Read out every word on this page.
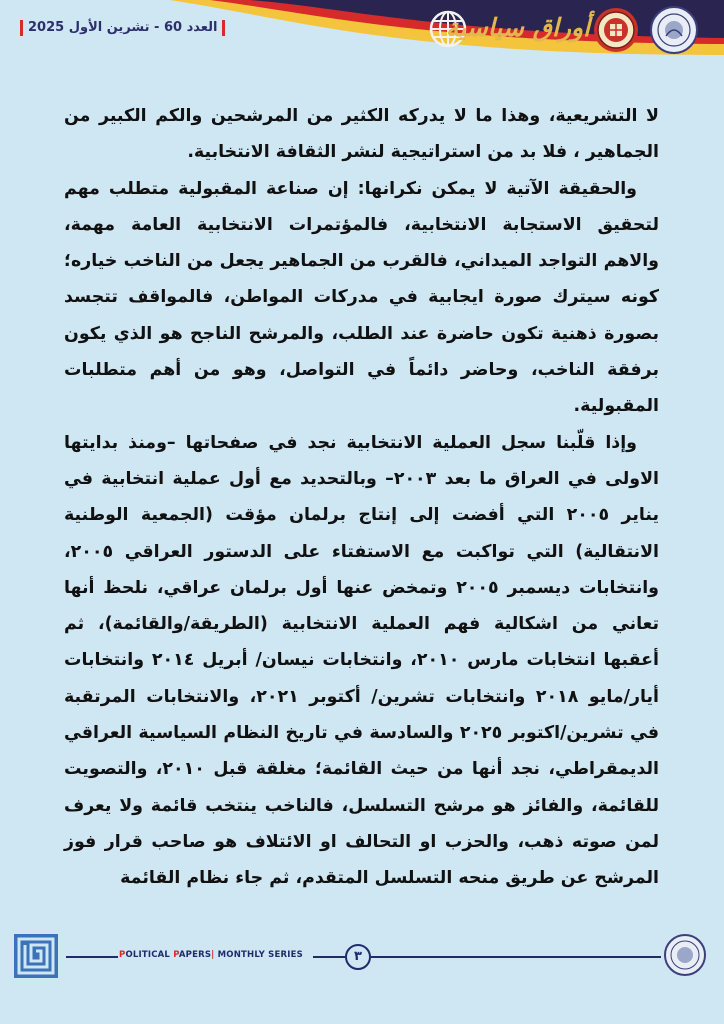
العدد 60 - تشرين الأول 2025	أوراق سياسية

لا التشريعية، وهذا ما لا يدركه الكثير من المرشحين والكم الكبير من الجماهير ، فلا بد من استراتيجية لنشر الثقافة الانتخابية.

والحقيقة الآتية لا يمكن نكرانها: إن صناعة المقبولية متطلب مهم لتحقيق الاستجابة الانتخابية، فالمؤتمرات الانتخابية العامة مهمة، والاهم التواجد الميداني، فالقرب من الجماهير يجعل من الناخب خياره؛ كونه سيترك صورة ايجابية في مدركات المواطن، فالمواقف تتجسد بصورة ذهنية تكون حاضرة عند الطلب، والمرشح الناجح هو الذي يكون برفقة الناخب، وحاضر دائماً في التواصل، وهو من أهم متطلبات المقبولية.

وإذا قلّبنا سجل العملية الانتخابية نجد في صفحاتها –ومنذ بدايتها الاولى في العراق ما بعد ٢٠٠٣– وبالتحديد مع أول عملية انتخابية في يناير ٢٠٠٥ التي أفضت إلى إنتاج برلمان مؤقت (الجمعية الوطنية الانتقالية) التي تواكبت مع الاستفتاء على الدستور العراقي ٢٠٠٥، وانتخابات ديسمبر ٢٠٠٥ وتمخض عنها أول برلمان عراقي، نلحظ أنها تعاني من اشكالية فهم العملية الانتخابية (الطريقة/والقائمة)، ثم أعقبها انتخابات مارس ٢٠١٠، وانتخابات نيسان/ أبريل ٢٠١٤ وانتخابات أيار/مايو ٢٠١٨ وانتخابات تشرين/ أكتوبر ٢٠٢١، والانتخابات المرتقبة في تشرين/اكتوبر ٢٠٢٥ والسادسة في تاريخ النظام السياسية العراقي الديمقراطي، نجد أنها من حيث القائمة؛ مغلقة قبل ٢٠١٠، والتصويت للقائمة، والفائز هو مرشح التسلسل، فالناخب ينتخب قائمة ولا يعرف لمن صوته ذهب، والحزب او التحالف او الائتلاف هو صاحب قرار فوز المرشح عن طريق منحه التسلسل المتقدم، ثم جاء نظام القائمة

POLITICAL PAPERS| MONTHLY SERIES	٣
